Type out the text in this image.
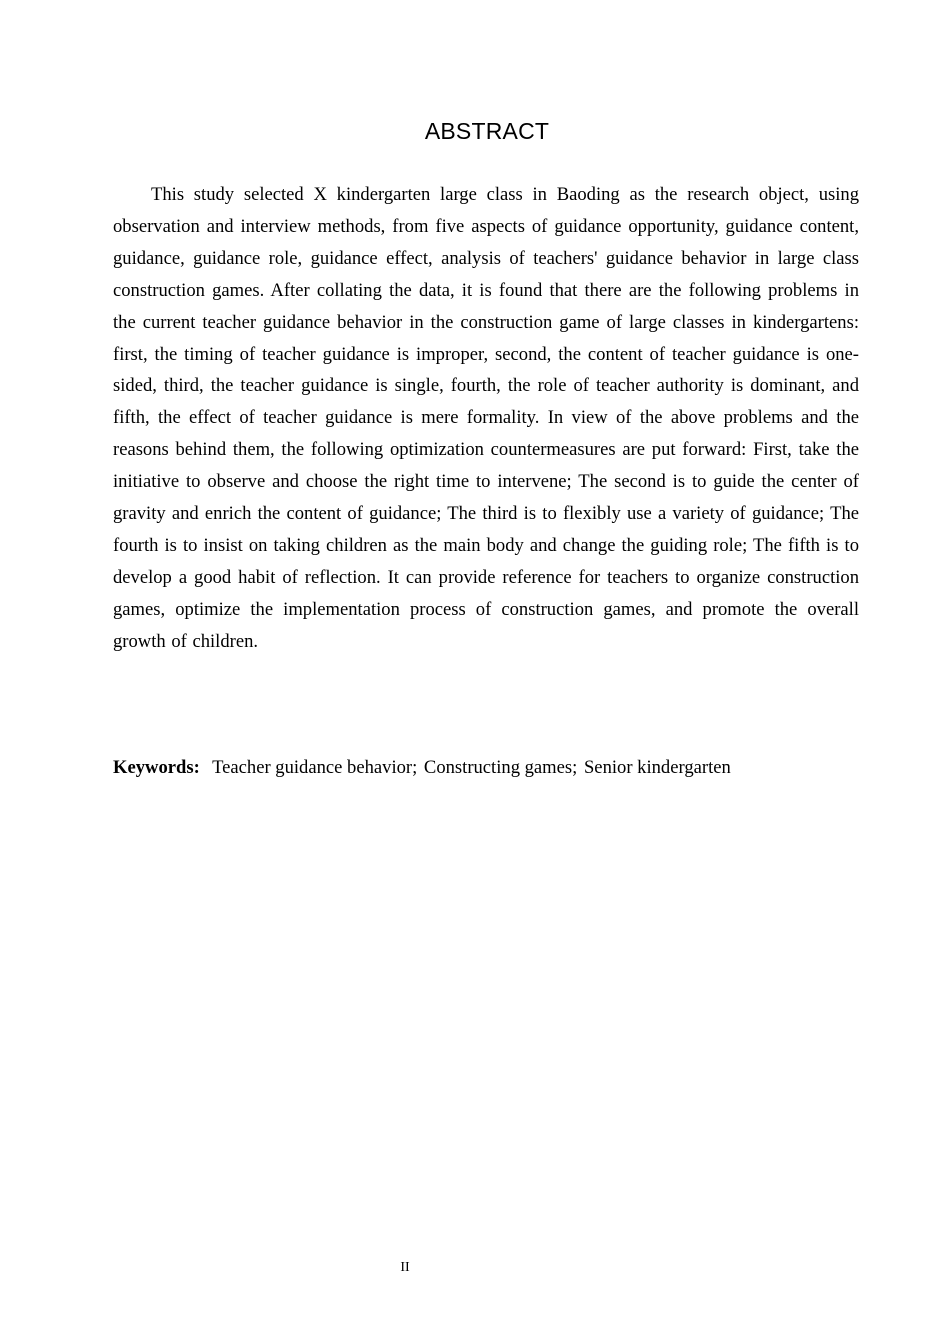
ABSTRACT

This study selected X kindergarten large class in Baoding as the research object, using observation and interview methods, from five aspects of guidance opportunity, guidance content, guidance, guidance role, guidance effect, analysis of teachers' guidance behavior in large class construction games. After collating the data, it is found that there are the following problems in the current teacher guidance behavior in the construction game of large classes in kindergartens: first, the timing of teacher guidance is improper, second, the content of teacher guidance is one-sided, third, the teacher guidance is single, fourth, the role of teacher authority is dominant, and fifth, the effect of teacher guidance is mere formality. In view of the above problems and the reasons behind them, the following optimization countermeasures are put forward: First, take the initiative to observe and choose the right time to intervene; The second is to guide the center of gravity and enrich the content of guidance; The third is to flexibly use a variety of guidance; The fourth is to insist on taking children as the main body and change the guiding role; The fifth is to develop a good habit of reflection. It can provide reference for teachers to organize construction games, optimize the implementation process of construction games, and promote the overall growth of children.

Keywords: Teacher guidance behavior; Constructing games; Senior kindergarten
II
